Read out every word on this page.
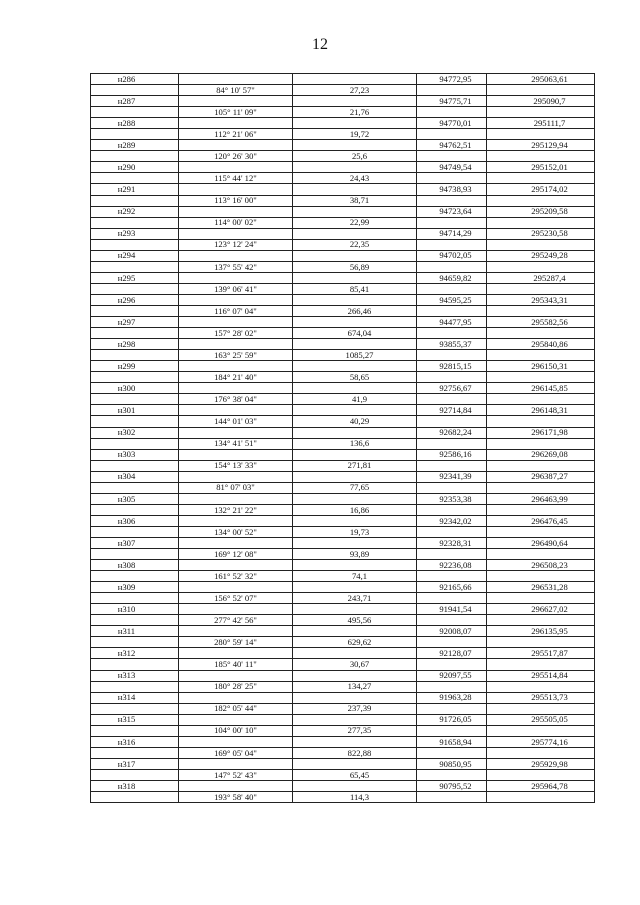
12
н286			94772,95	295063,61
	84° 10' 57"	27,23		
н287			94775,71	295090,7
	105° 11' 09"	21,76		
н288			94770,01	295111,7
	112° 21' 06"	19,72		
н289			94762,51	295129,94
	120° 26' 30"	25,6		
н290			94749,54	295152,01
	115° 44' 12"	24,43		
н291			94738,93	295174,02
	113° 16' 00"	38,71		
н292			94723,64	295209,58
	114° 00' 02"	22,99		
н293			94714,29	295230,58
	123° 12' 24"	22,35		
н294			94702,05	295249,28
	137° 55' 42"	56,89		
н295			94659,82	295287,4
	139° 06' 41"	85,41		
н296			94595,25	295343,31
	116° 07' 04"	266,46		
н297			94477,95	295582,56
	157° 28' 02"	674,04		
н298			93855,37	295840,86
	163° 25' 59"	1085,27		
н299			92815,15	296150,31
	184° 21' 40"	58,65		
н300			92756,67	296145,85
	176° 38' 04"	41,9		
н301			92714,84	296148,31
	144° 01' 03"	40,29		
н302			92682,24	296171,98
	134° 41' 51"	136,6		
н303			92586,16	296269,08
	154° 13' 33"	271,81		
н304			92341,39	296387,27
	81° 07' 03"	77,65		
н305			92353,38	296463,99
	132° 21' 22"	16,86		
н306			92342,02	296476,45
	134° 00' 52"	19,73		
н307			92328,31	296490,64
	169° 12' 08"	93,89		
н308			92236,08	296508,23
	161° 52' 32"	74,1		
н309			92165,66	296531,28
	156° 52' 07"	243,71		
н310			91941,54	296627,02
	277° 42' 56"	495,56		
н311			92008,07	296135,95
	280° 59' 14"	629,62		
н312			92128,07	295517,87
	185° 40' 11"	30,67		
н313			92097,55	295514,84
	180° 28' 25"	134,27		
н314			91963,28	295513,73
	182° 05' 44"	237,39		
н315			91726,05	295505,05
	104° 00' 10"	277,35		
н316			91658,94	295774,16
	169° 05' 04"	822,88		
н317			90850,95	295929,98
	147° 52' 43"	65,45		
н318			90795,52	295964,78
	193° 58' 40"	114,3		
